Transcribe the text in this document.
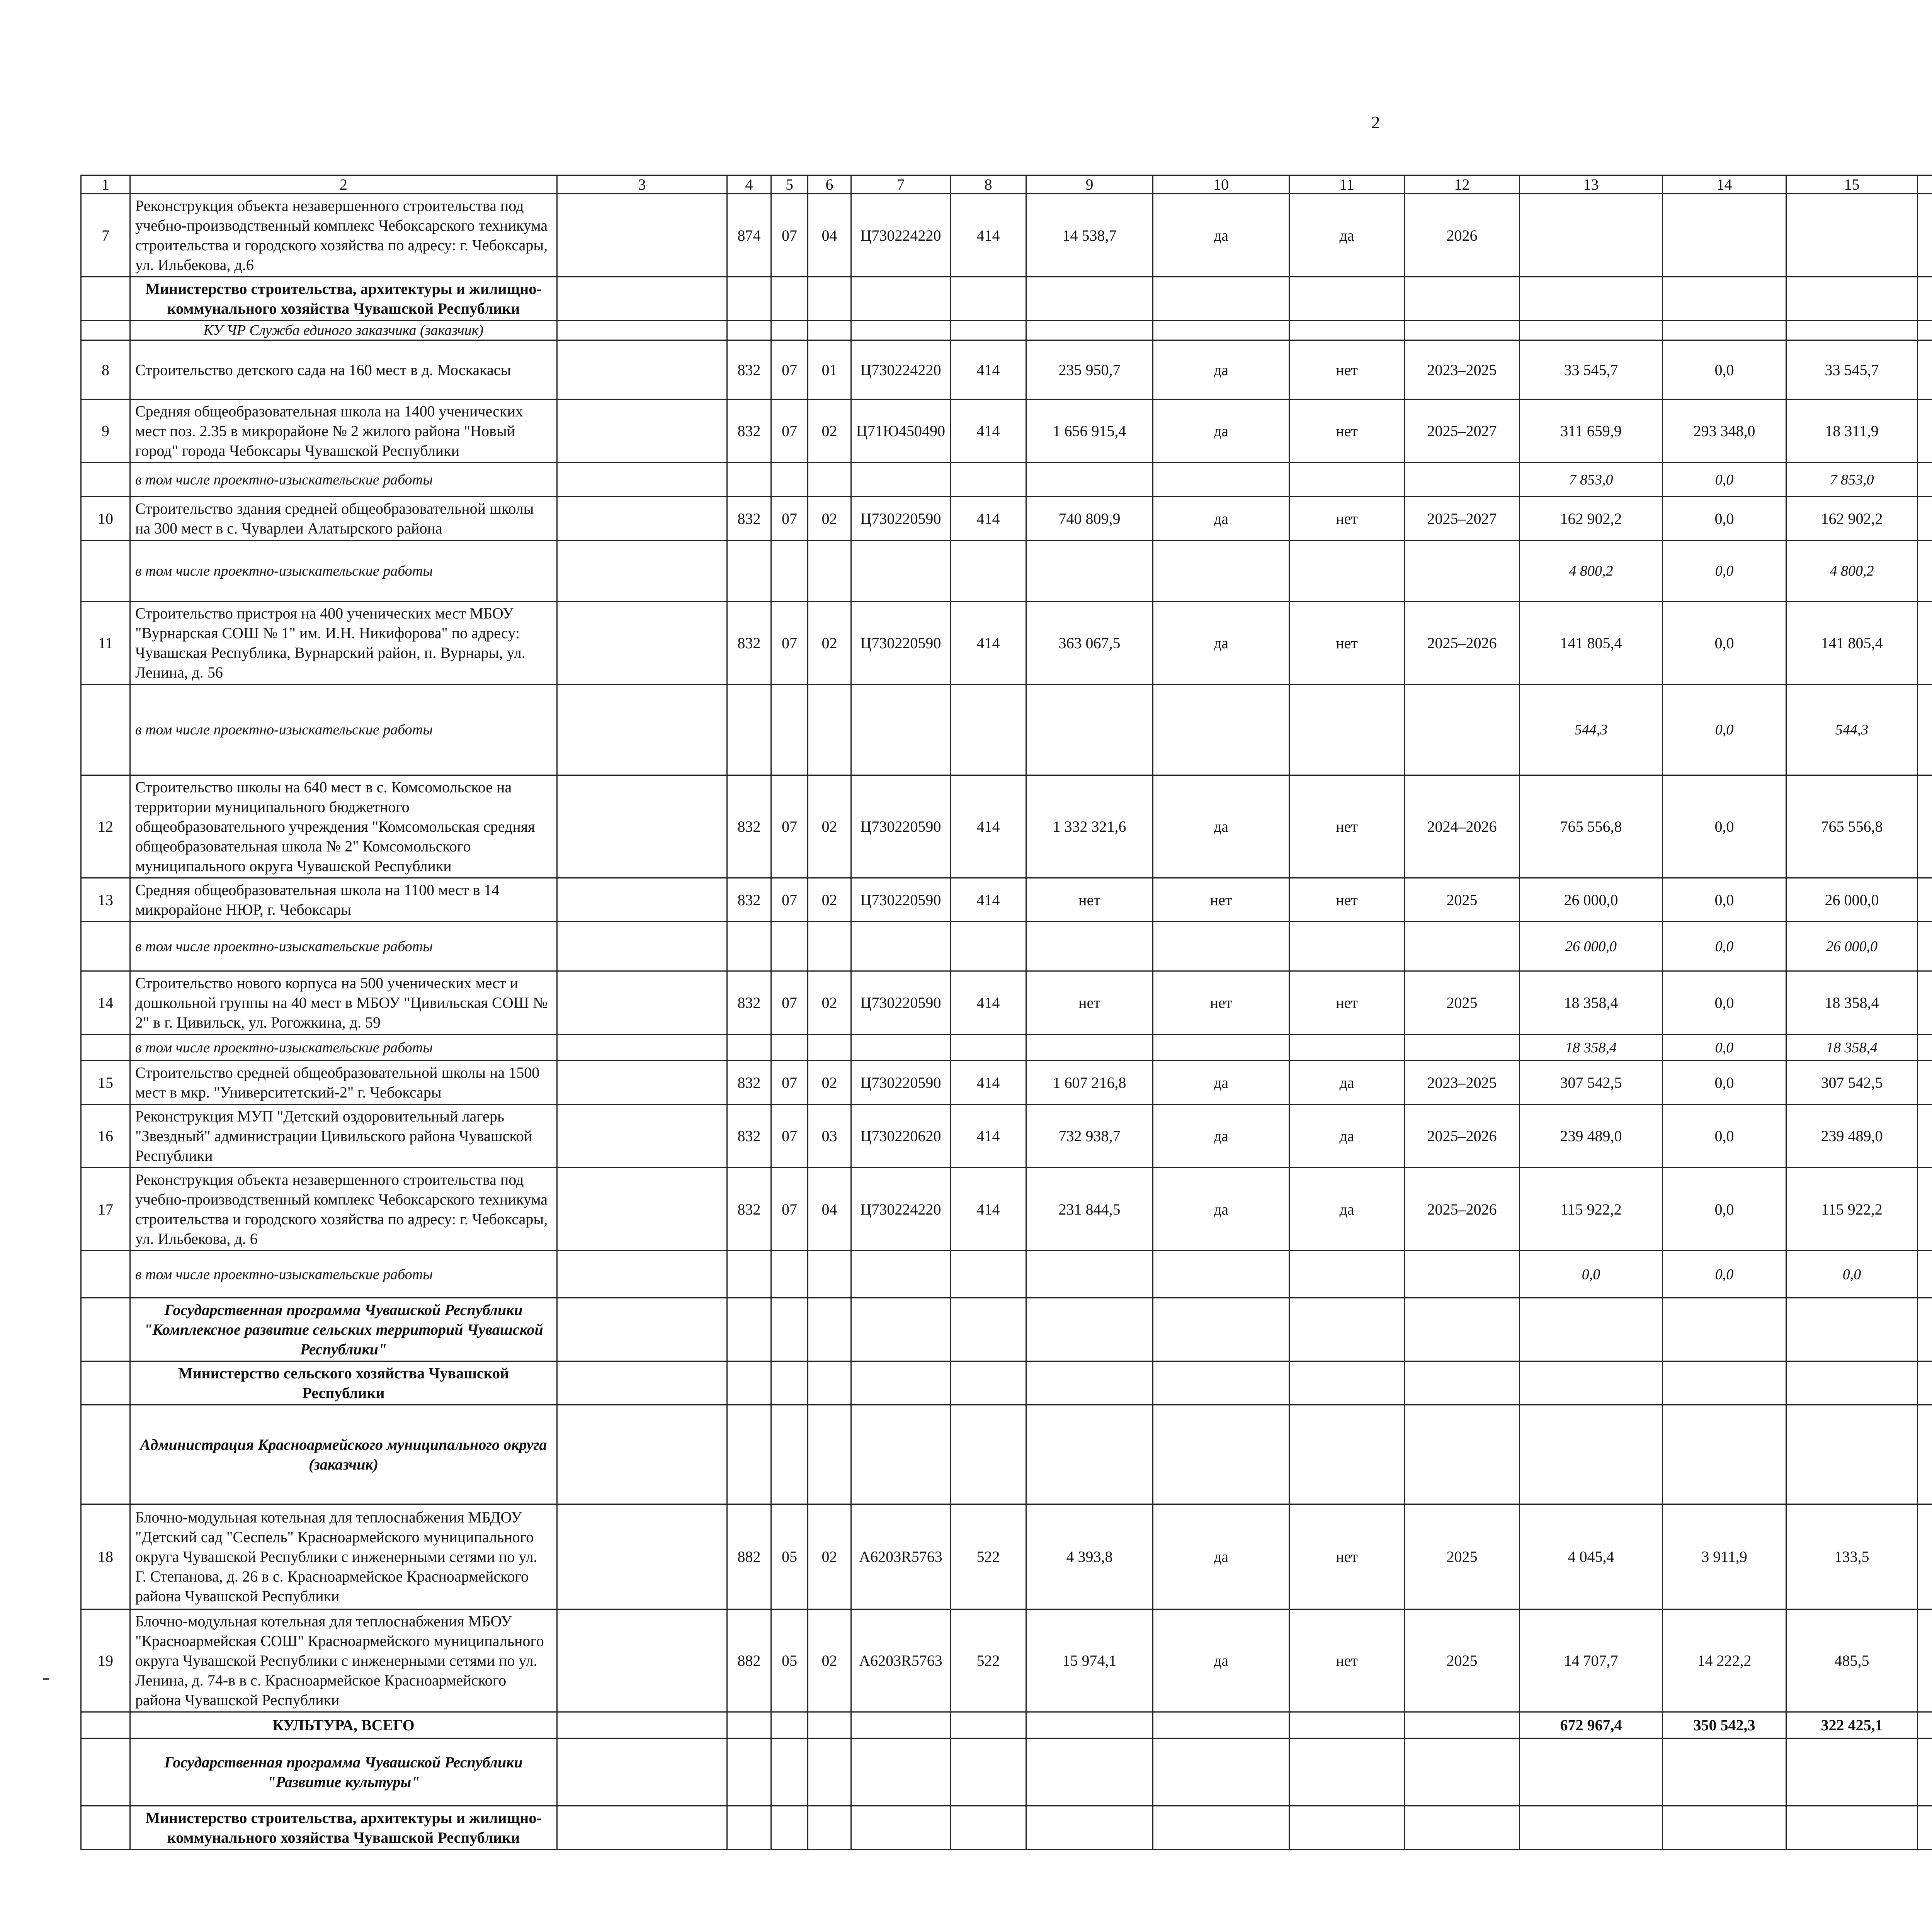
2
1	2	3	4	5	6	7	8	9	10	11	12	13	14	15						
7	Реконструкция объекта незавершенного строительства под учебно-производственный комплекс Чебоксарского техникума строительства и городского хозяйства по адресу: г. Чебоксары, ул. Ильбекова, д.6		874	07	04	Ц730224220	414	14 538,7	да	да	2026									
	Министерство строительства, архитектуры и жилищно-коммунального хозяйства Чувашской Республики																			
	КУ ЧР Служба единого заказчика (заказчик)																			
8	Строительство детского сада на 160 мест в д. Москакасы		832	07	01	Ц730224220	414	235 950,7	да	нет	2023–2025	33 545,7	0,0	33 545,7						
9	Средняя общеобразовательная школа на 1400 ученических мест поз. 2.35 в микрорайоне № 2 жилого района "Новый город" города Чебоксары Чувашской Республики		832	07	02	Ц71Ю450490	414	1 656 915,4	да	нет	2025–2027	311 659,9	293 348,0	18 311,9						
	в том числе проектно-изыскательские работы											7 853,0	0,0	7 853,0						
10	Строительство здания средней общеобразовательной школы на 300 мест в с. Чуварлеи Алатырского района		832	07	02	Ц730220590	414	740 809,9	да	нет	2025–2027	162 902,2	0,0	162 902,2						
	в том числе проектно-изыскательские работы											4 800,2	0,0	4 800,2						
11	Строительство пристроя на 400 ученических мест МБОУ "Вурнарская СОШ № 1" им. И.Н. Никифорова" по адресу: Чувашская Республика, Вурнарский район, п. Вурнары, ул. Ленина, д. 56		832	07	02	Ц730220590	414	363 067,5	да	нет	2025–2026	141 805,4	0,0	141 805,4						
	в том числе проектно-изыскательские работы											544,3	0,0	544,3						
12	Строительство школы на 640 мест в с. Комсомольское на территории муниципального бюджетного общеобразовательного учреждения "Комсомольская средняя общеобразовательная школа № 2" Комсомольского муниципального округа Чувашской Республики		832	07	02	Ц730220590	414	1 332 321,6	да	нет	2024–2026	765 556,8	0,0	765 556,8						
13	Средняя общеобразовательная школа на 1100 мест в 14 микрорайоне НЮР, г. Чебоксары		832	07	02	Ц730220590	414	нет	нет	нет	2025	26 000,0	0,0	26 000,0						
	в том числе проектно-изыскательские работы											26 000,0	0,0	26 000,0						
14	Строительство нового корпуса на 500 ученических мест и дошкольной группы на 40 мест в МБОУ "Цивильская СОШ № 2" в г. Цивильск, ул. Рогожкина, д. 59		832	07	02	Ц730220590	414	нет	нет	нет	2025	18 358,4	0,0	18 358,4						
	в том числе проектно-изыскательские работы											18 358,4	0,0	18 358,4						
15	Строительство средней общеобразовательной школы на 1500 мест в мкр. "Университетский-2" г. Чебоксары		832	07	02	Ц730220590	414	1 607 216,8	да	да	2023–2025	307 542,5	0,0	307 542,5						
16	Реконструкция МУП "Детский оздоровительный лагерь "Звездный" администрации Цивильского района Чувашской Республики		832	07	03	Ц730220620	414	732 938,7	да	да	2025–2026	239 489,0	0,0	239 489,0						
17	Реконструкция объекта незавершенного строительства под учебно-производственный комплекс Чебоксарского техникума строительства и городского хозяйства по адресу: г. Чебоксары, ул. Ильбекова, д. 6		832	07	04	Ц730224220	414	231 844,5	да	да	2025–2026	115 922,2	0,0	115 922,2						
	в том числе проектно-изыскательские работы											0,0	0,0	0,0						
	Государственная программа Чувашской Республики "Комплексное развитие сельских территорий Чувашской Республики"																			
	Министерство сельского хозяйства Чувашской Республики																			
	Администрация Красноармейского муниципального округа (заказчик)																			
18	Блочно-модульная котельная для теплоснабжения МБДОУ "Детский сад "Сеспель" Красноармейского муниципального округа Чувашской Республики с инженерными сетями по ул. Г. Степанова, д. 26 в с. Красноармейское Красноармейского района Чувашской Республики		882	05	02	А6203R5763	522	4 393,8	да	нет	2025	4 045,4	3 911,9	133,5						
19	Блочно-модульная котельная для теплоснабжения МБОУ "Красноармейская СОШ" Красноармейского муниципального округа Чувашской Республики с инженерными сетями по ул. Ленина, д. 74-в в с. Красноармейское Красноармейского района Чувашской Республики		882	05	02	А6203R5763	522	15 974,1	да	нет	2025	14 707,7	14 222,2	485,5						
	КУЛЬТУРА, ВСЕГО											672 967,4	350 542,3	322 425,1						
	Государственная программа Чувашской Республики "Развитие культуры"																			
	Министерство строительства, архитектуры и жилищно-коммунального хозяйства Чувашской Республики																			
